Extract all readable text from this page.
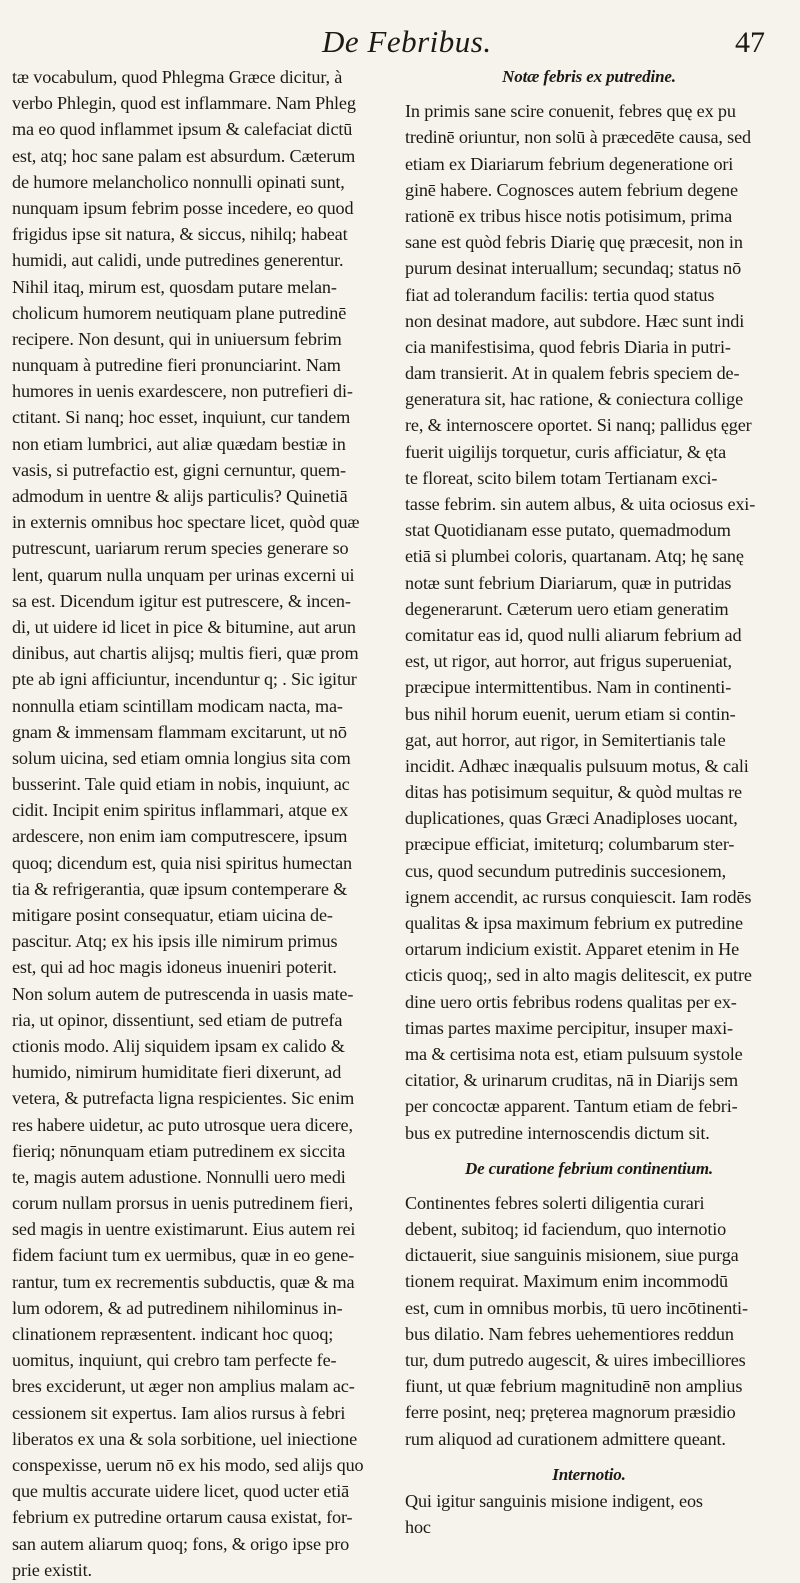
De Febribus.	47
tæ vocabulum, quod Phlegma Græce dicitur, à
verbo Phlegin, quod est inflammare. Nam Phleg
ma eo quod inflammet ipsum & calefaciat dictū
est, atq; hoc sane palam est absurdum. Cæterum
de humore melancholico nonnulli opinati sunt,
nunquam ipsum febrim posse incedere, eo quod
frigidus ipse sit natura, & siccus, nihilq; habeat
humidi, aut calidi, unde putredines generentur.
Nihil itaq, mirum est, quosdam putare melan-
cholicum humorem neutiquam plane putredinē
recipere. Non desunt, qui in uniuersum febrim
nunquam à putredine fieri pronunciarint. Nam
humores in uenis exardescere, non putrefieri di-
ctitant. Si nanq; hoc esset, inquiunt, cur tandem
non etiam lumbrici, aut aliæ quædam bestiæ in
vasis, si putrefactio est, gigni cernuntur, quem-
admodum in uentre & alijs particulis? Quinetiā
in externis omnibus hoc spectare licet, quòd quæ
putrescunt, uariarum rerum species generare so
lent, quarum nulla unquam per urinas excerni ui
sa est. Dicendum igitur est putrescere, & incen-
di, ut uidere id licet in pice & bitumine, aut arun
dinibus, aut chartis alijsq; multis fieri, quæ prom
pte ab igni afficiuntur, incenduntur q; . Sic igitur
nonnulla etiam scintillam modicam nacta, ma-
gnam & immensam flammam excitarunt, ut nō
solum uicina, sed etiam omnia longius sita com
busserint. Tale quid etiam in nobis, inquiunt, ac
cidit. Incipit enim spiritus inflammari, atque ex
ardescere, non enim iam computrescere, ipsum
quoq; dicendum est, quia nisi spiritus humectan
tia & refrigerantia, quæ ipsum contemperare &
mitigare posint consequatur, etiam uicina de-
pascitur. Atq; ex his ipsis ille nimirum primus
est, qui ad hoc magis idoneus inueniri poterit.
Non solum autem de putrescenda in uasis mate-
ria, ut opinor, dissentiunt, sed etiam de putrefa
ctionis modo. Alij siquidem ipsam ex calido &
humido, nimirum humiditate fieri dixerunt, ad
vetera, & putrefacta ligna respicientes. Sic enim
res habere uidetur, ac puto utrosque uera dicere,
fieriq; nōnunquam etiam putredinem ex siccita
te, magis autem adustione. Nonnulli uero medi
corum nullam prorsus in uenis putredinem fieri,
sed magis in uentre existimarunt. Eius autem rei
fidem faciunt tum ex uermibus, quæ in eo gene-
rantur, tum ex recrementis subductis, quæ & ma
lum odorem, & ad putredinem nihilominus in-
clinationem repræsentent. indicant hoc quoq;
uomitus, inquiunt, qui crebro tam perfecte fe-
bres exciderunt, ut æger non amplius malam ac-
cessionem sit expertus. Iam alios rursus à febri
liberatos ex una & sola sorbitione, uel iniectione
conspexisse, uerum nō ex his modo, sed alijs quo
que multis accurate uidere licet, quod ucter etiā
febrium ex putredine ortarum causa existat, for-
san autem aliarum quoq; fons, & origo ipse pro
prie existit.
Notæ febris ex putredine.
In primis sane scire conuenit, febres quę ex pu
tredinē oriuntur, non solū à præcedēte causa, sed
etiam ex Diariarum febrium degeneratione ori
ginē habere. Cognosces autem febrium degene
rationē ex tribus hisce notis potisimum, prima
sane est quòd febris Diarię quę præcesit, non in
purum desinat interuallum; secundaq; status nō
fiat ad tolerandum facilis: tertia quod status
non desinat madore, aut subdore. Hæc sunt indi
cia manifestisima, quod febris Diaria in putri-
dam transierit. At in qualem febris speciem de-
generatura sit, hac ratione, & coniectura collige
re, & internoscere oportet. Si nanq; pallidus ęger
fuerit uigilijs torquetur, curis afficiatur, & ęta
te floreat, scito bilem totam Tertianam exci-
tasse febrim. sin autem albus, & uita ociosus exi-
stat Quotidianam esse putato, quemadmodum
etiā si plumbei coloris, quartanam. Atq; hę sanę
notæ sunt febrium Diariarum, quæ in putridas
degenerarunt. Cæterum uero etiam generatim
comitatur eas id, quod nulli aliarum febrium ad
est, ut rigor, aut horror, aut frigus superueniat,
præcipue intermittentibus. Nam in continenti-
bus nihil horum euenit, uerum etiam si contin-
gat, aut horror, aut rigor, in Semitertianis tale
incidit. Adhæc inæqualis pulsuum motus, & cali
ditas has potisimum sequitur, & quòd multas re
duplicationes, quas Græci Anadiploses uocant,
præcipue efficiat, imiteturq; columbarum ster-
cus, quod secundum putredinis succesionem,
ignem accendit, ac rursus conquiescit. Iam rodēs
qualitas & ipsa maximum febrium ex putredine
ortarum indicium existit. Apparet etenim in He
cticis quoq;, sed in alto magis delitescit, ex putre
dine uero ortis febribus rodens qualitas per ex-
timas partes maxime percipitur, insuper maxi-
ma & certisima nota est, etiam pulsuum systole
citatior, & urinarum cruditas, nā in Diarijs sem
per concoctæ apparent. Tantum etiam de febri-
bus ex putredine internoscendis dictum sit.
De curatione febrium continentium.
Continentes febres solerti diligentia curari
debent, subitoq; id faciendum, quo internotio
dictauerit, siue sanguinis misionem, siue purga
tionem requirat. Maximum enim incommodū
est, cum in omnibus morbis, tū uero incōtinenti-
bus dilatio. Nam febres uehementiores reddun
tur, dum putredo augescit, & uires imbecilliores
fiunt, ut quæ febrium magnitudinē non amplius
ferre posint, neq; pręterea magnorum præsidio
rum aliquod ad curationem admittere queant.
Internotio.
Qui igitur sanguinis misione indigent, eos
hoc
